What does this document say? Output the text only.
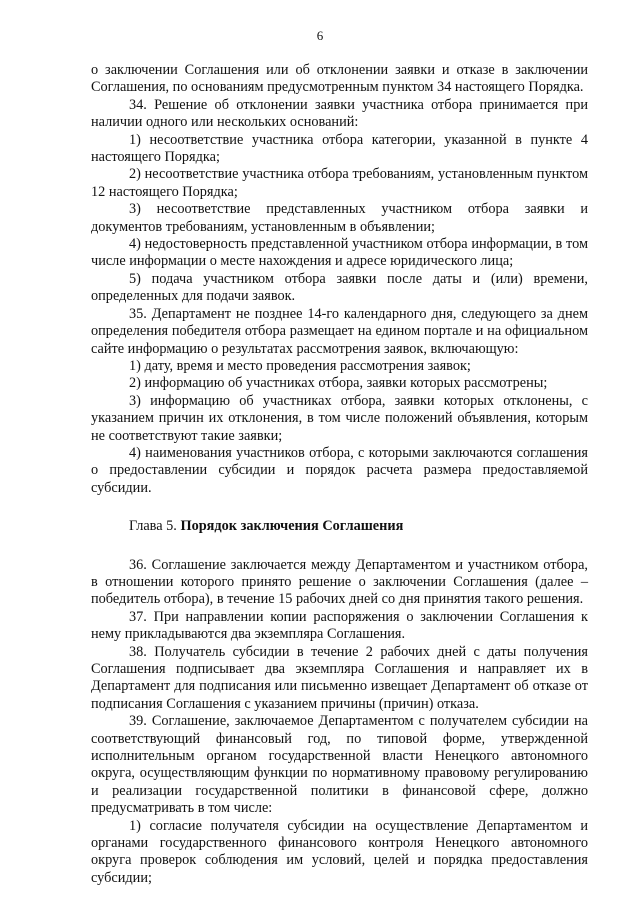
6

о заключении Соглашения или об отклонении заявки и отказе в заключении Соглашения, по основаниям предусмотренным пунктом 34 настоящего Порядка.

34. Решение об отклонении заявки участника отбора принимается при наличии одного или нескольких оснований:

1) несоответствие участника отбора категории, указанной в пункте 4 настоящего Порядка;

2) несоответствие участника отбора требованиям, установленным пунктом 12 настоящего Порядка;

3) несоответствие представленных участником отбора заявки и документов требованиям, установленным в объявлении;

4) недостоверность представленной участником отбора информации, в том числе информации о месте нахождения и адресе юридического лица;

5) подача участником отбора заявки после даты и (или) времени, определенных для подачи заявок.

35. Департамент не позднее 14-го календарного дня, следующего за днем определения победителя отбора размещает на едином портале и на официальном сайте информацию о результатах рассмотрения заявок, включающую:

1) дату, время и место проведения рассмотрения заявок;

2) информацию об участниках отбора, заявки которых рассмотрены;

3) информацию об участниках отбора, заявки которых отклонены, с указанием причин их отклонения, в том числе положений объявления, которым не соответствуют такие заявки;

4) наименования участников отбора, с которыми заключаются соглашения о предоставлении субсидии и порядок расчета размера предоставляемой субсидии.

Глава 5. Порядок заключения Соглашения

36. Соглашение заключается между Департаментом и участником отбора, в отношении которого принято решение о заключении Соглашения (далее – победитель отбора), в течение 15 рабочих дней со дня принятия такого решения.

37. При направлении копии распоряжения о заключении Соглашения к нему прикладываются два экземпляра Соглашения.

38. Получатель субсидии в течение 2 рабочих дней с даты получения Соглашения подписывает два экземпляра Соглашения и направляет их в Департамент для подписания или письменно извещает Департамент об отказе от подписания Соглашения с указанием причины (причин) отказа.

39. Соглашение, заключаемое Департаментом с получателем субсидии на соответствующий финансовый год, по типовой форме, утвержденной исполнительным органом государственной власти Ненецкого автономного округа, осуществляющим функции по нормативному правовому регулированию и реализации государственной политики в финансовой сфере, должно предусматривать в том числе:

1) согласие получателя субсидии на осуществление Департаментом и органами государственного финансового контроля Ненецкого автономного округа проверок соблюдения им условий, целей и порядка предоставления субсидии;
